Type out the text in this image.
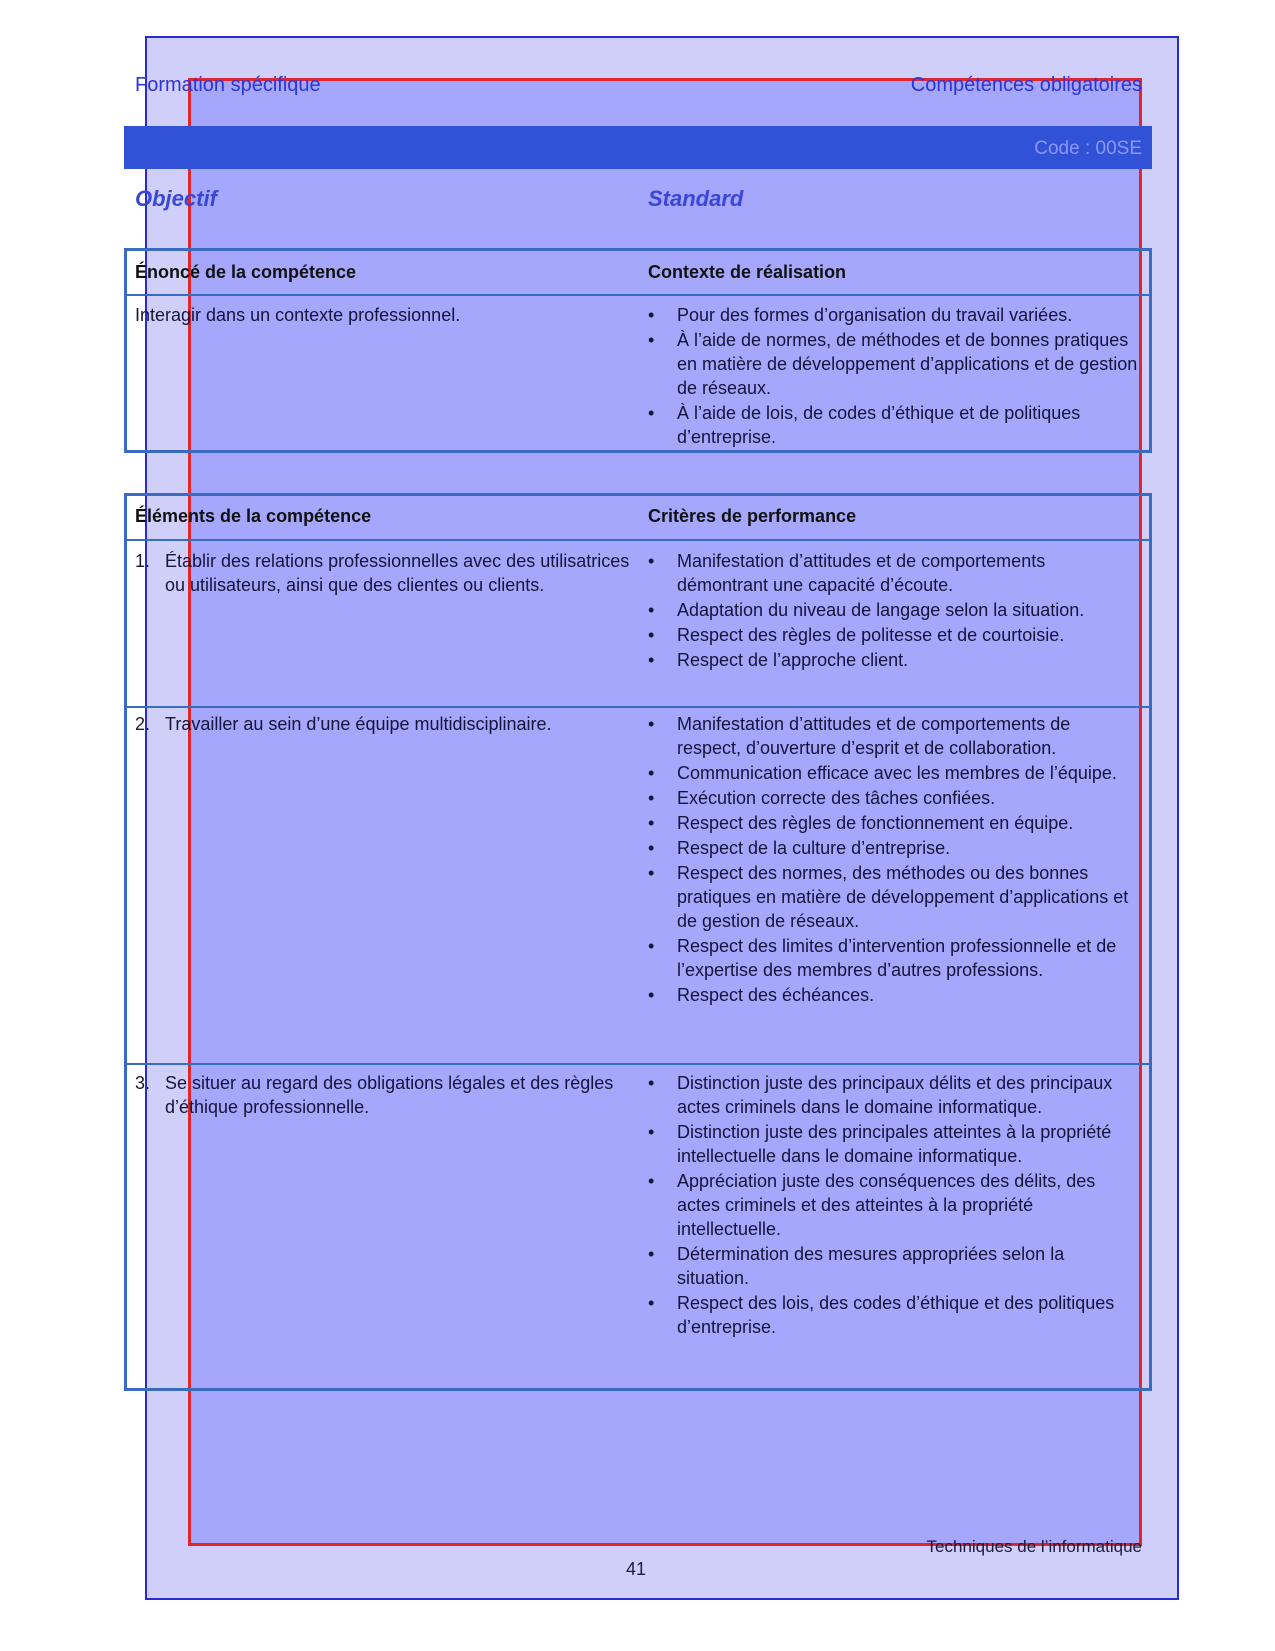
Formation spécifique	Compétences obligatoires
Code : 00SE
Objectif	Standard
Énoncé de la compétence	Contexte de réalisation
Interagir dans un contexte professionnel.	• Pour des formes d’organisation du travail variées.
• À l’aide de normes, de méthodes et de bonnes pratiques en matière de développement d’applications et de gestion de réseaux.
• À l’aide de lois, de codes d’éthique et de politiques d’entreprise.
Éléments de la compétence	Critères de performance
1. Établir des relations professionnelles avec des utilisatrices ou utilisateurs, ainsi que des clientes ou clients.
• Manifestation d’attitudes et de comportements démontrant une capacité d’écoute.
• Adaptation du niveau de langage selon la situation.
• Respect des règles de politesse et de courtoisie.
• Respect de l’approche client.
2. Travailler au sein d’une équipe multidisciplinaire.	• Manifestation d’attitudes et de comportements de respect, d’ouverture d’esprit et de collaboration.
• Communication efficace avec les membres de l’équipe.
• Exécution correcte des tâches confiées.
• Respect des règles de fonctionnement en équipe.
• Respect de la culture d’entreprise.
• Respect des normes, des méthodes ou des bonnes pratiques en matière de développement d’applications et de gestion de réseaux.
• Respect des limites d’intervention professionnelle et de l’expertise des membres d’autres professions.
• Respect des échéances.
3. Se situer au regard des obligations légales et des règles d’éthique professionnelle.
• Distinction juste des principaux délits et des principaux actes criminels dans le domaine informatique.
• Distinction juste des principales atteintes à la propriété intellectuelle dans le domaine informatique.
• Appréciation juste des conséquences des délits, des actes criminels et des atteintes à la propriété intellectuelle.
• Détermination des mesures appropriées selon la situation.
• Respect des lois, des codes d’éthique et des politiques d’entreprise.
Techniques de l’informatique
41
